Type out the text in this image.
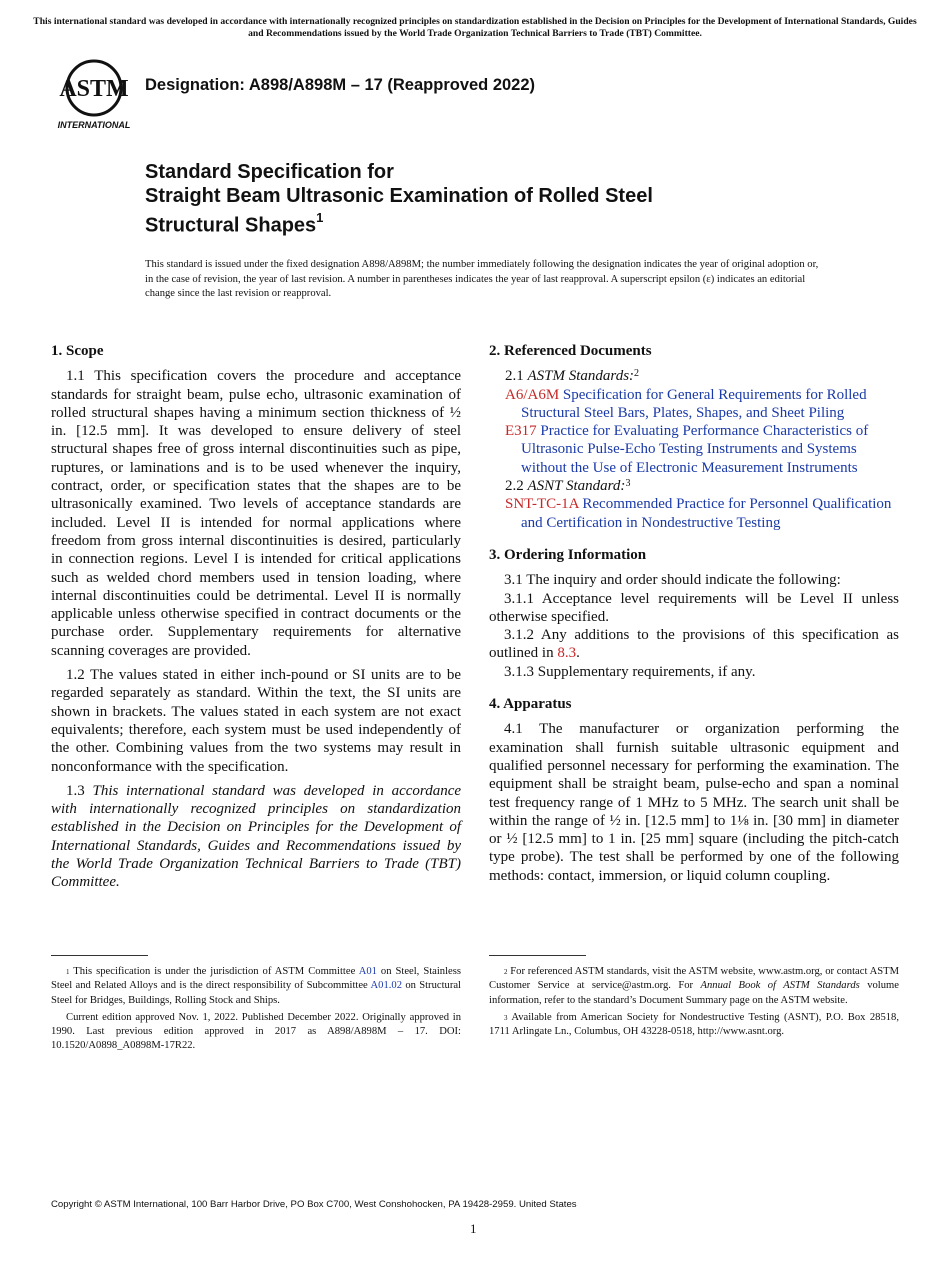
This international standard was developed in accordance with internationally recognized principles on standardization established in the Decision on Principles for the Development of International Standards, Guides and Recommendations issued by the World Trade Organization Technical Barriers to Trade (TBT) Committee.
ASTM
INTERNATIONAL
Designation: A898/A898M – 17 (Reapproved 2022)
Standard Specification for
Straight Beam Ultrasonic Examination of Rolled Steel
Structural Shapes$^1$
This standard is issued under the fixed designation A898/A898M; the number immediately following the designation indicates the year of original adoption or, in the case of revision, the year of last revision. A number in parentheses indicates the year of last reapproval. A superscript epsilon (ε) indicates an editorial change since the last revision or reapproval.
1. Scope

1.1 This specification covers the procedure and acceptance standards for straight beam, pulse echo, ultrasonic examination of rolled structural shapes having a minimum section thickness of ½ in. [12.5 mm]. It was developed to ensure delivery of steel structural shapes free of gross internal discontinuities such as pipe, ruptures, or laminations and is to be used whenever the inquiry, contract, order, or specification states that the shapes are to be ultrasonically examined. Two levels of acceptance standards are included. Level II is intended for normal applications where freedom from gross internal discontinuities is desired, particularly in connection regions. Level I is intended for critical applications such as welded chord members used in tension loading, where internal discontinuities could be detrimental. Level II is normally applicable unless otherwise specified in contract documents or the purchase order. Supplementary requirements for alternative scanning coverages are provided.

1.2 The values stated in either inch-pound or SI units are to be regarded separately as standard. Within the text, the SI units are shown in brackets. The values stated in each system are not exact equivalents; therefore, each system must be used independently of the other. Combining values from the two systems may result in nonconformance with the specification.

1.3 This international standard was developed in accordance with internationally recognized principles on standardization established in the Decision on Principles for the Development of International Standards, Guides and Recommendations issued by the World Trade Organization Technical Barriers to Trade (TBT) Committee.

2. Referenced Documents
2.1 ASTM Standards:$^2$
A6/A6M Specification for General Requirements for Rolled Structural Steel Bars, Plates, Shapes, and Sheet Piling
E317 Practice for Evaluating Performance Characteristics of Ultrasonic Pulse-Echo Testing Instruments and Systems without the Use of Electronic Measurement Instruments
2.2 ASNT Standard:$^3$
SNT-TC-1A Recommended Practice for Personnel Qualification and Certification in Nondestructive Testing
3. Ordering Information

3.1 The inquiry and order should indicate the following:

3.1.1 Acceptance level requirements will be Level II unless otherwise specified.

3.1.2 Any additions to the provisions of this specification as outlined in 8.3.

3.1.3 Supplementary requirements, if any.

4. Apparatus

4.1 The manufacturer or organization performing the examination shall furnish suitable ultrasonic equipment and qualified personnel necessary for performing the examination. The equipment shall be straight beam, pulse-echo and span a nominal test frequency range of 1 MHz to 5 MHz. The search unit shall be within the range of ½ in. [12.5 mm] to 1⅛ in. [30 mm] in diameter or ½ [12.5 mm] to 1 in. [25 mm] square (including the pitch-catch type probe). The test shall be performed by one of the following methods: contact, immersion, or liquid column coupling.

$^1$ This specification is under the jurisdiction of ASTM Committee A01 on Steel, Stainless Steel and Related Alloys and is the direct responsibility of Subcommittee A01.02 on Structural Steel for Bridges, Buildings, Rolling Stock and Ships.

Current edition approved Nov. 1, 2022. Published December 2022. Originally approved in 1990. Last previous edition approved in 2017 as A898/A898M – 17. DOI: 10.1520/A0898_A0898M-17R22.

$^2$ For referenced ASTM standards, visit the ASTM website, www.astm.org, or contact ASTM Customer Service at service@astm.org. For Annual Book of ASTM Standards volume information, refer to the standard’s Document Summary page on the ASTM website.

$^3$ Available from American Society for Nondestructive Testing (ASNT), P.O. Box 28518, 1711 Arlingate Ln., Columbus, OH 43228-0518, http://www.asnt.org.

Copyright © ASTM International, 100 Barr Harbor Drive, PO Box C700, West Conshohocken, PA 19428-2959. United States
1
